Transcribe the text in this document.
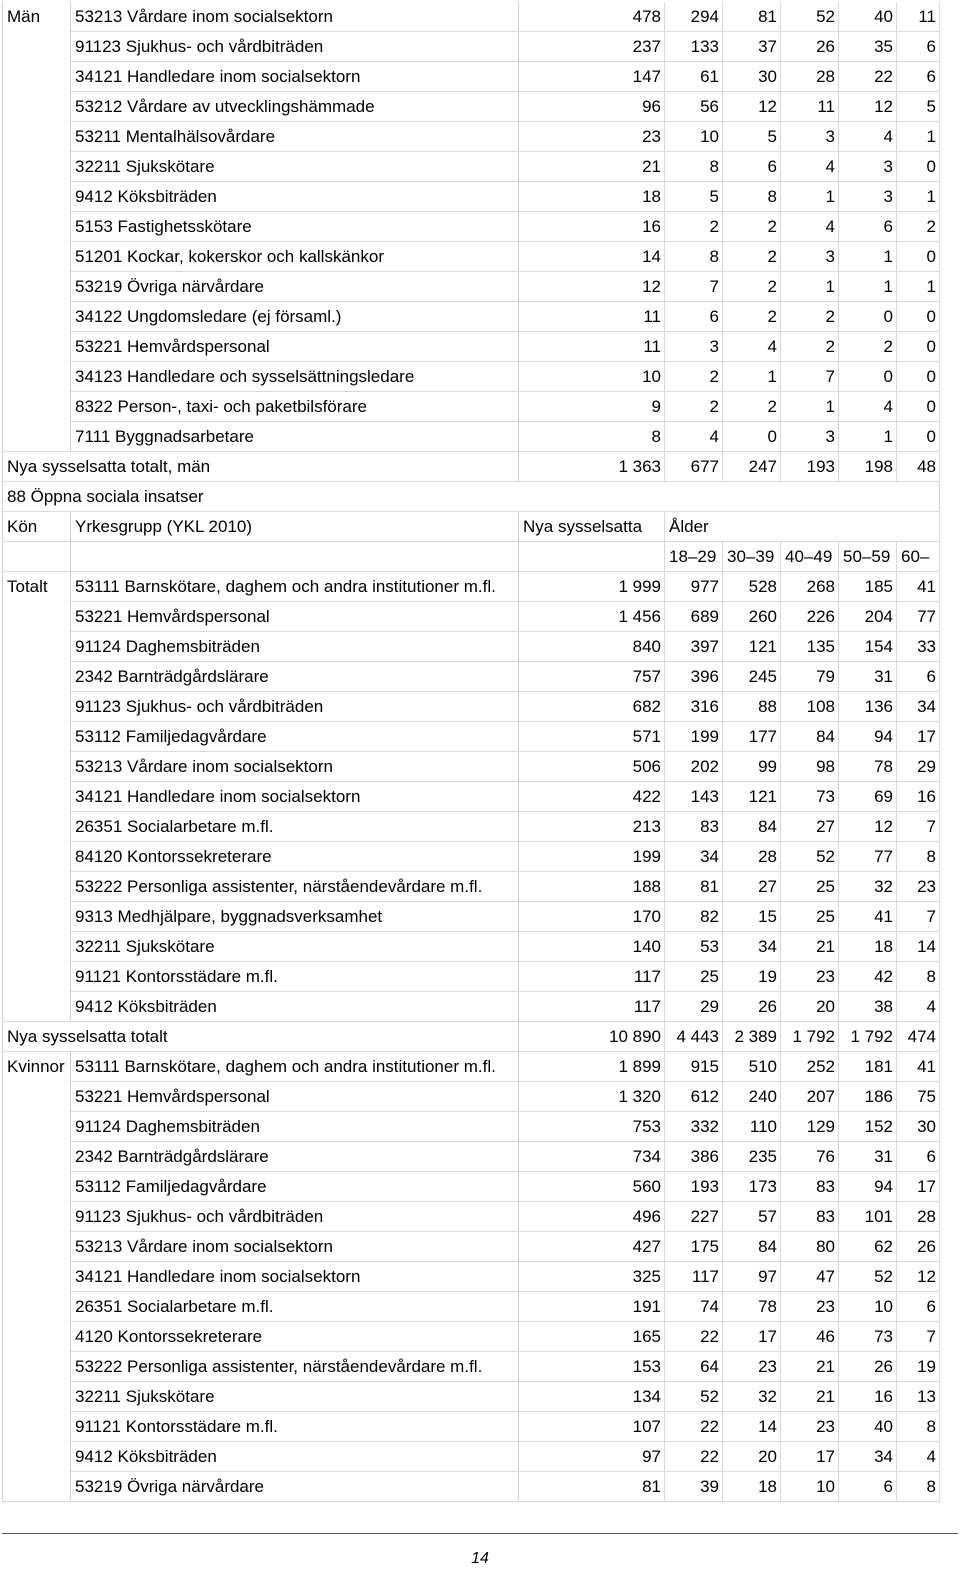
Män	53213 Vårdare inom socialsektorn	478	294	81	52	40	11
	91123 Sjukhus- och vårdbiträden	237	133	37	26	35	6
	34121 Handledare inom socialsektorn	147	61	30	28	22	6
	53212 Vårdare av utvecklingshämmade	96	56	12	11	12	5
	53211 Mentalhälsovårdare	23	10	5	3	4	1
	32211 Sjukskötare	21	8	6	4	3	0
	9412 Köksbiträden	18	5	8	1	3	1
	5153 Fastighetsskötare	16	2	2	4	6	2
	51201 Kockar, kokerskor och kallskänkor	14	8	2	3	1	0
	53219 Övriga närvårdare	12	7	2	1	1	1
	34122 Ungdomsledare (ej församl.)	11	6	2	2	0	0
	53221 Hemvårdspersonal	11	3	4	2	2	0
	34123 Handledare och sysselsättningsledare	10	2	1	7	0	0
	8322 Person-, taxi- och paketbilsförare	9	2	2	1	4	0
	7111 Byggnadsarbetare	8	4	0	3	1	0
Nya sysselsatta totalt, män		1 363	677	247	193	198	48
88 Öppna sociala insatser							
Kön	Yrkesgrupp (YKL 2010)	Nya sysselsatta	Ålder				
			18–29	30–39	40–49	50–59	60–
Totalt	53111 Barnskötare, daghem och andra institutioner m.fl.	1 999	977	528	268	185	41
	53221 Hemvårdspersonal	1 456	689	260	226	204	77
	91124 Daghemsbiträden	840	397	121	135	154	33
	2342 Barnträdgårdslärare	757	396	245	79	31	6
	91123 Sjukhus- och vårdbiträden	682	316	88	108	136	34
	53112 Familjedagvårdare	571	199	177	84	94	17
	53213 Vårdare inom socialsektorn	506	202	99	98	78	29
	34121 Handledare inom socialsektorn	422	143	121	73	69	16
	26351 Socialarbetare m.fl.	213	83	84	27	12	7
	84120 Kontorssekreterare	199	34	28	52	77	8
	53222 Personliga assistenter, närståendevårdare m.fl.	188	81	27	25	32	23
	9313 Medhjälpare, byggnadsverksamhet	170	82	15	25	41	7
	32211 Sjukskötare	140	53	34	21	18	14
	91121 Kontorsstädare m.fl.	117	25	19	23	42	8
	9412 Köksbiträden	117	29	26	20	38	4
Nya sysselsatta totalt		10 890	4 443	2 389	1 792	1 792	474
Kvinnor	53111 Barnskötare, daghem och andra institutioner m.fl.	1 899	915	510	252	181	41
	53221 Hemvårdspersonal	1 320	612	240	207	186	75
	91124 Daghemsbiträden	753	332	110	129	152	30
	2342 Barnträdgårdslärare	734	386	235	76	31	6
	53112 Familjedagvårdare	560	193	173	83	94	17
	91123 Sjukhus- och vårdbiträden	496	227	57	83	101	28
	53213 Vårdare inom socialsektorn	427	175	84	80	62	26
	34121 Handledare inom socialsektorn	325	117	97	47	52	12
	26351 Socialarbetare m.fl.	191	74	78	23	10	6
	4120 Kontorssekreterare	165	22	17	46	73	7
	53222 Personliga assistenter, närståendevårdare m.fl.	153	64	23	21	26	19
	32211 Sjukskötare	134	52	32	21	16	13
	91121 Kontorsstädare m.fl.	107	22	14	23	40	8
	9412 Köksbiträden	97	22	20	17	34	4
	53219 Övriga närvårdare	81	39	18	10	6	8
14
